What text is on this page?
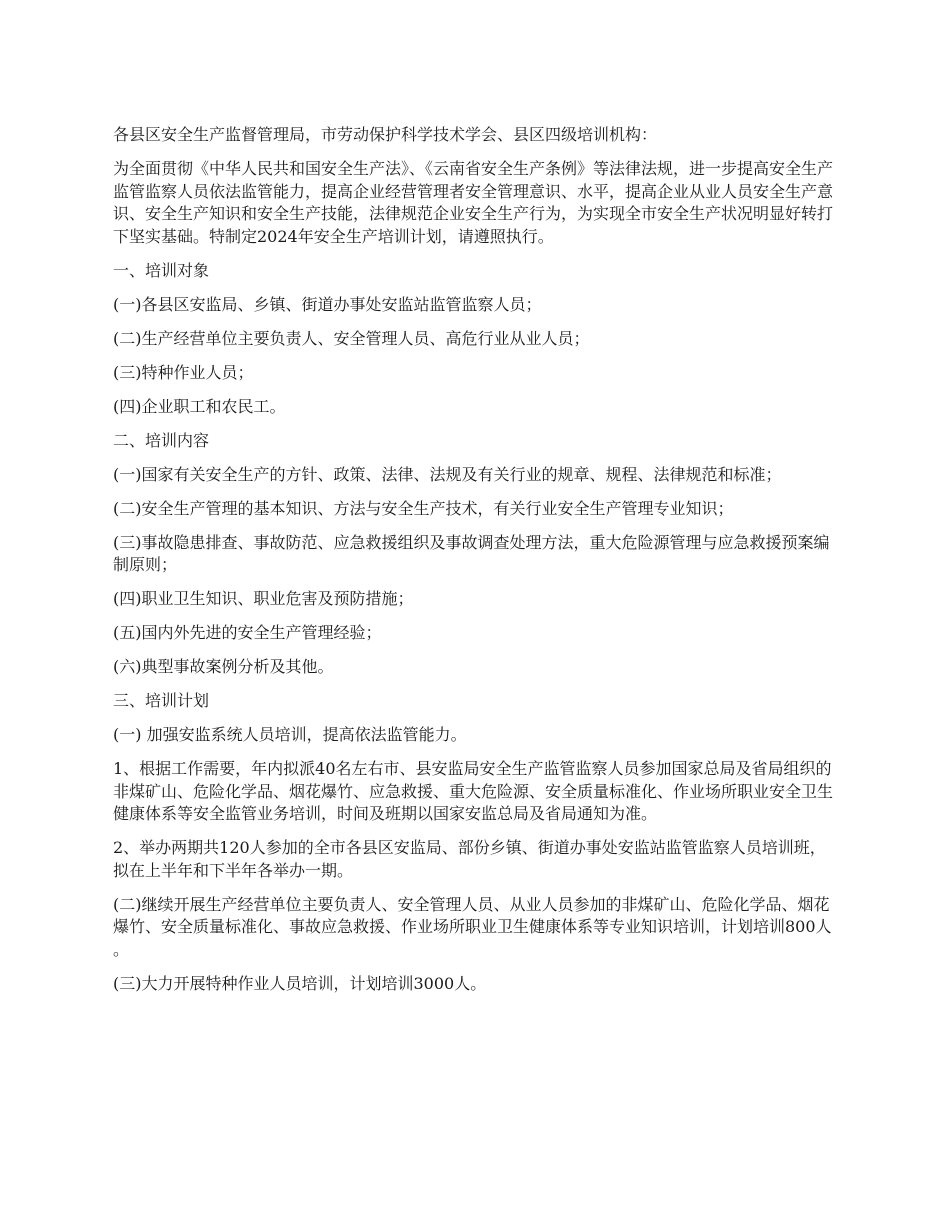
各县区安全生产监督管理局，市劳动保护科学技术学会、县区四级培训机构：

为全面贯彻《中华人民共和国安全生产法》、《云南省安全生产条例》等法律法规，进一步提高安全生产监管监察人员依法监管能力，提高企业经营管理者安全管理意识、水平，提高企业从业人员安全生产意识、安全生产知识和安全生产技能，法律规范企业安全生产行为，为实现全市安全生产状况明显好转打下坚实基础。特制定2024年安全生产培训计划，请遵照执行。

一、培训对象

(一)各县区安监局、乡镇、街道办事处安监站监管监察人员；

(二)生产经营单位主要负责人、安全管理人员、高危行业从业人员；

(三)特种作业人员；

(四)企业职工和农民工。

二、培训内容

(一)国家有关安全生产的方针、政策、法律、法规及有关行业的规章、规程、法律规范和标准；

(二)安全生产管理的基本知识、方法与安全生产技术，有关行业安全生产管理专业知识；

(三)事故隐患排查、事故防范、应急救援组织及事故调查处理方法，重大危险源管理与应急救援预案编制原则；

(四)职业卫生知识、职业危害及预防措施；

(五)国内外先进的安全生产管理经验；

(六)典型事故案例分析及其他。

三、培训计划

(一) 加强安监系统人员培训，提高依法监管能力。

1、根据工作需要，年内拟派40名左右市、县安监局安全生产监管监察人员参加国家总局及省局组织的非煤矿山、危险化学品、烟花爆竹、应急救援、重大危险源、安全质量标准化、作业场所职业安全卫生健康体系等安全监管业务培训，时间及班期以国家安监总局及省局通知为准。

2、举办两期共120人参加的全市各县区安监局、部份乡镇、街道办事处安监站监管监察人员培训班，拟在上半年和下半年各举办一期。

(二)继续开展生产经营单位主要负责人、安全管理人员、从业人员参加的非煤矿山、危险化学品、烟花爆竹、安全质量标准化、事故应急救援、作业场所职业卫生健康体系等专业知识培训，计划培训800人。

(三)大力开展特种作业人员培训，计划培训3000人。
